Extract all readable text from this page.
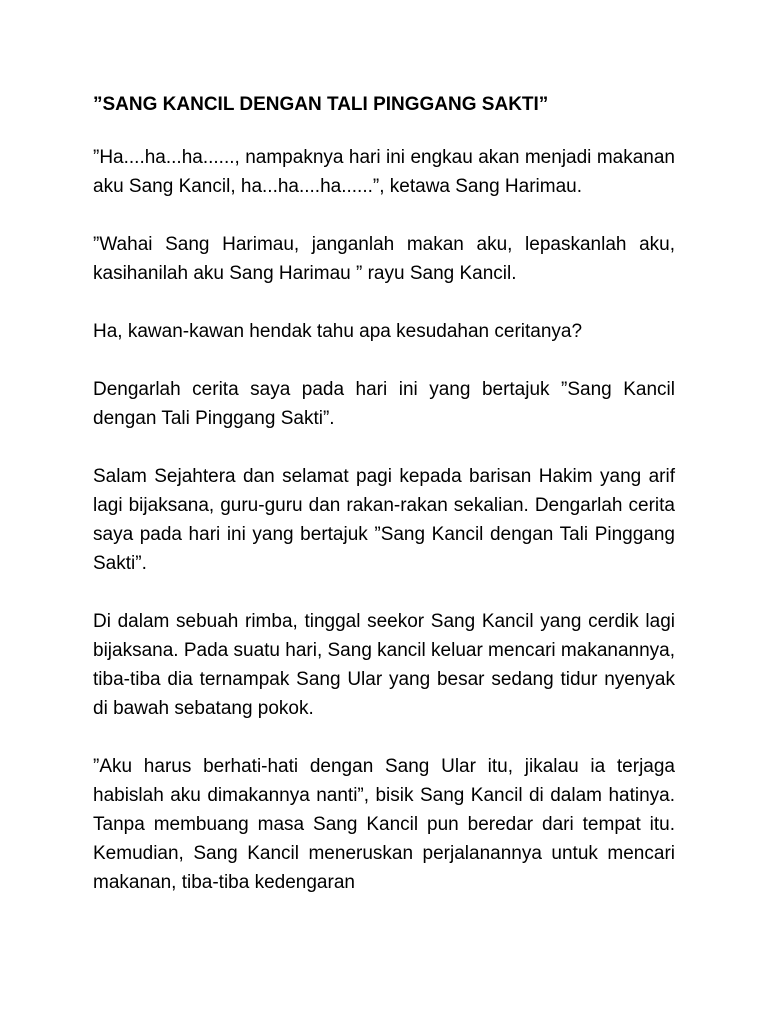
”SANG KANCIL DENGAN TALI PINGGANG SAKTI”

”Ha....ha...ha......, nampaknya hari ini engkau akan menjadi makanan aku Sang Kancil, ha...ha....ha......”, ketawa Sang Harimau.

”Wahai Sang Harimau, janganlah makan aku, lepaskanlah aku, kasihanilah aku Sang Harimau ” rayu Sang Kancil.

Ha, kawan-kawan hendak tahu apa kesudahan ceritanya?

Dengarlah cerita saya pada hari ini yang bertajuk ”Sang Kancil dengan Tali Pinggang Sakti”.

Salam Sejahtera dan selamat pagi kepada barisan Hakim yang arif lagi bijaksana, guru-guru dan rakan-rakan sekalian. Dengarlah cerita saya pada hari ini yang bertajuk ”Sang Kancil dengan Tali Pinggang Sakti”.

Di dalam sebuah rimba, tinggal seekor Sang Kancil yang cerdik lagi bijaksana. Pada suatu hari, Sang kancil keluar mencari makanannya, tiba-tiba dia ternampak Sang Ular yang besar sedang tidur nyenyak di bawah sebatang pokok.

”Aku harus berhati-hati dengan Sang Ular itu, jikalau ia terjaga habislah aku dimakannya nanti”, bisik Sang Kancil di dalam hatinya. Tanpa membuang masa Sang Kancil pun beredar dari tempat itu. Kemudian, Sang Kancil meneruskan perjalanannya untuk mencari makanan, tiba-tiba kedengaran
